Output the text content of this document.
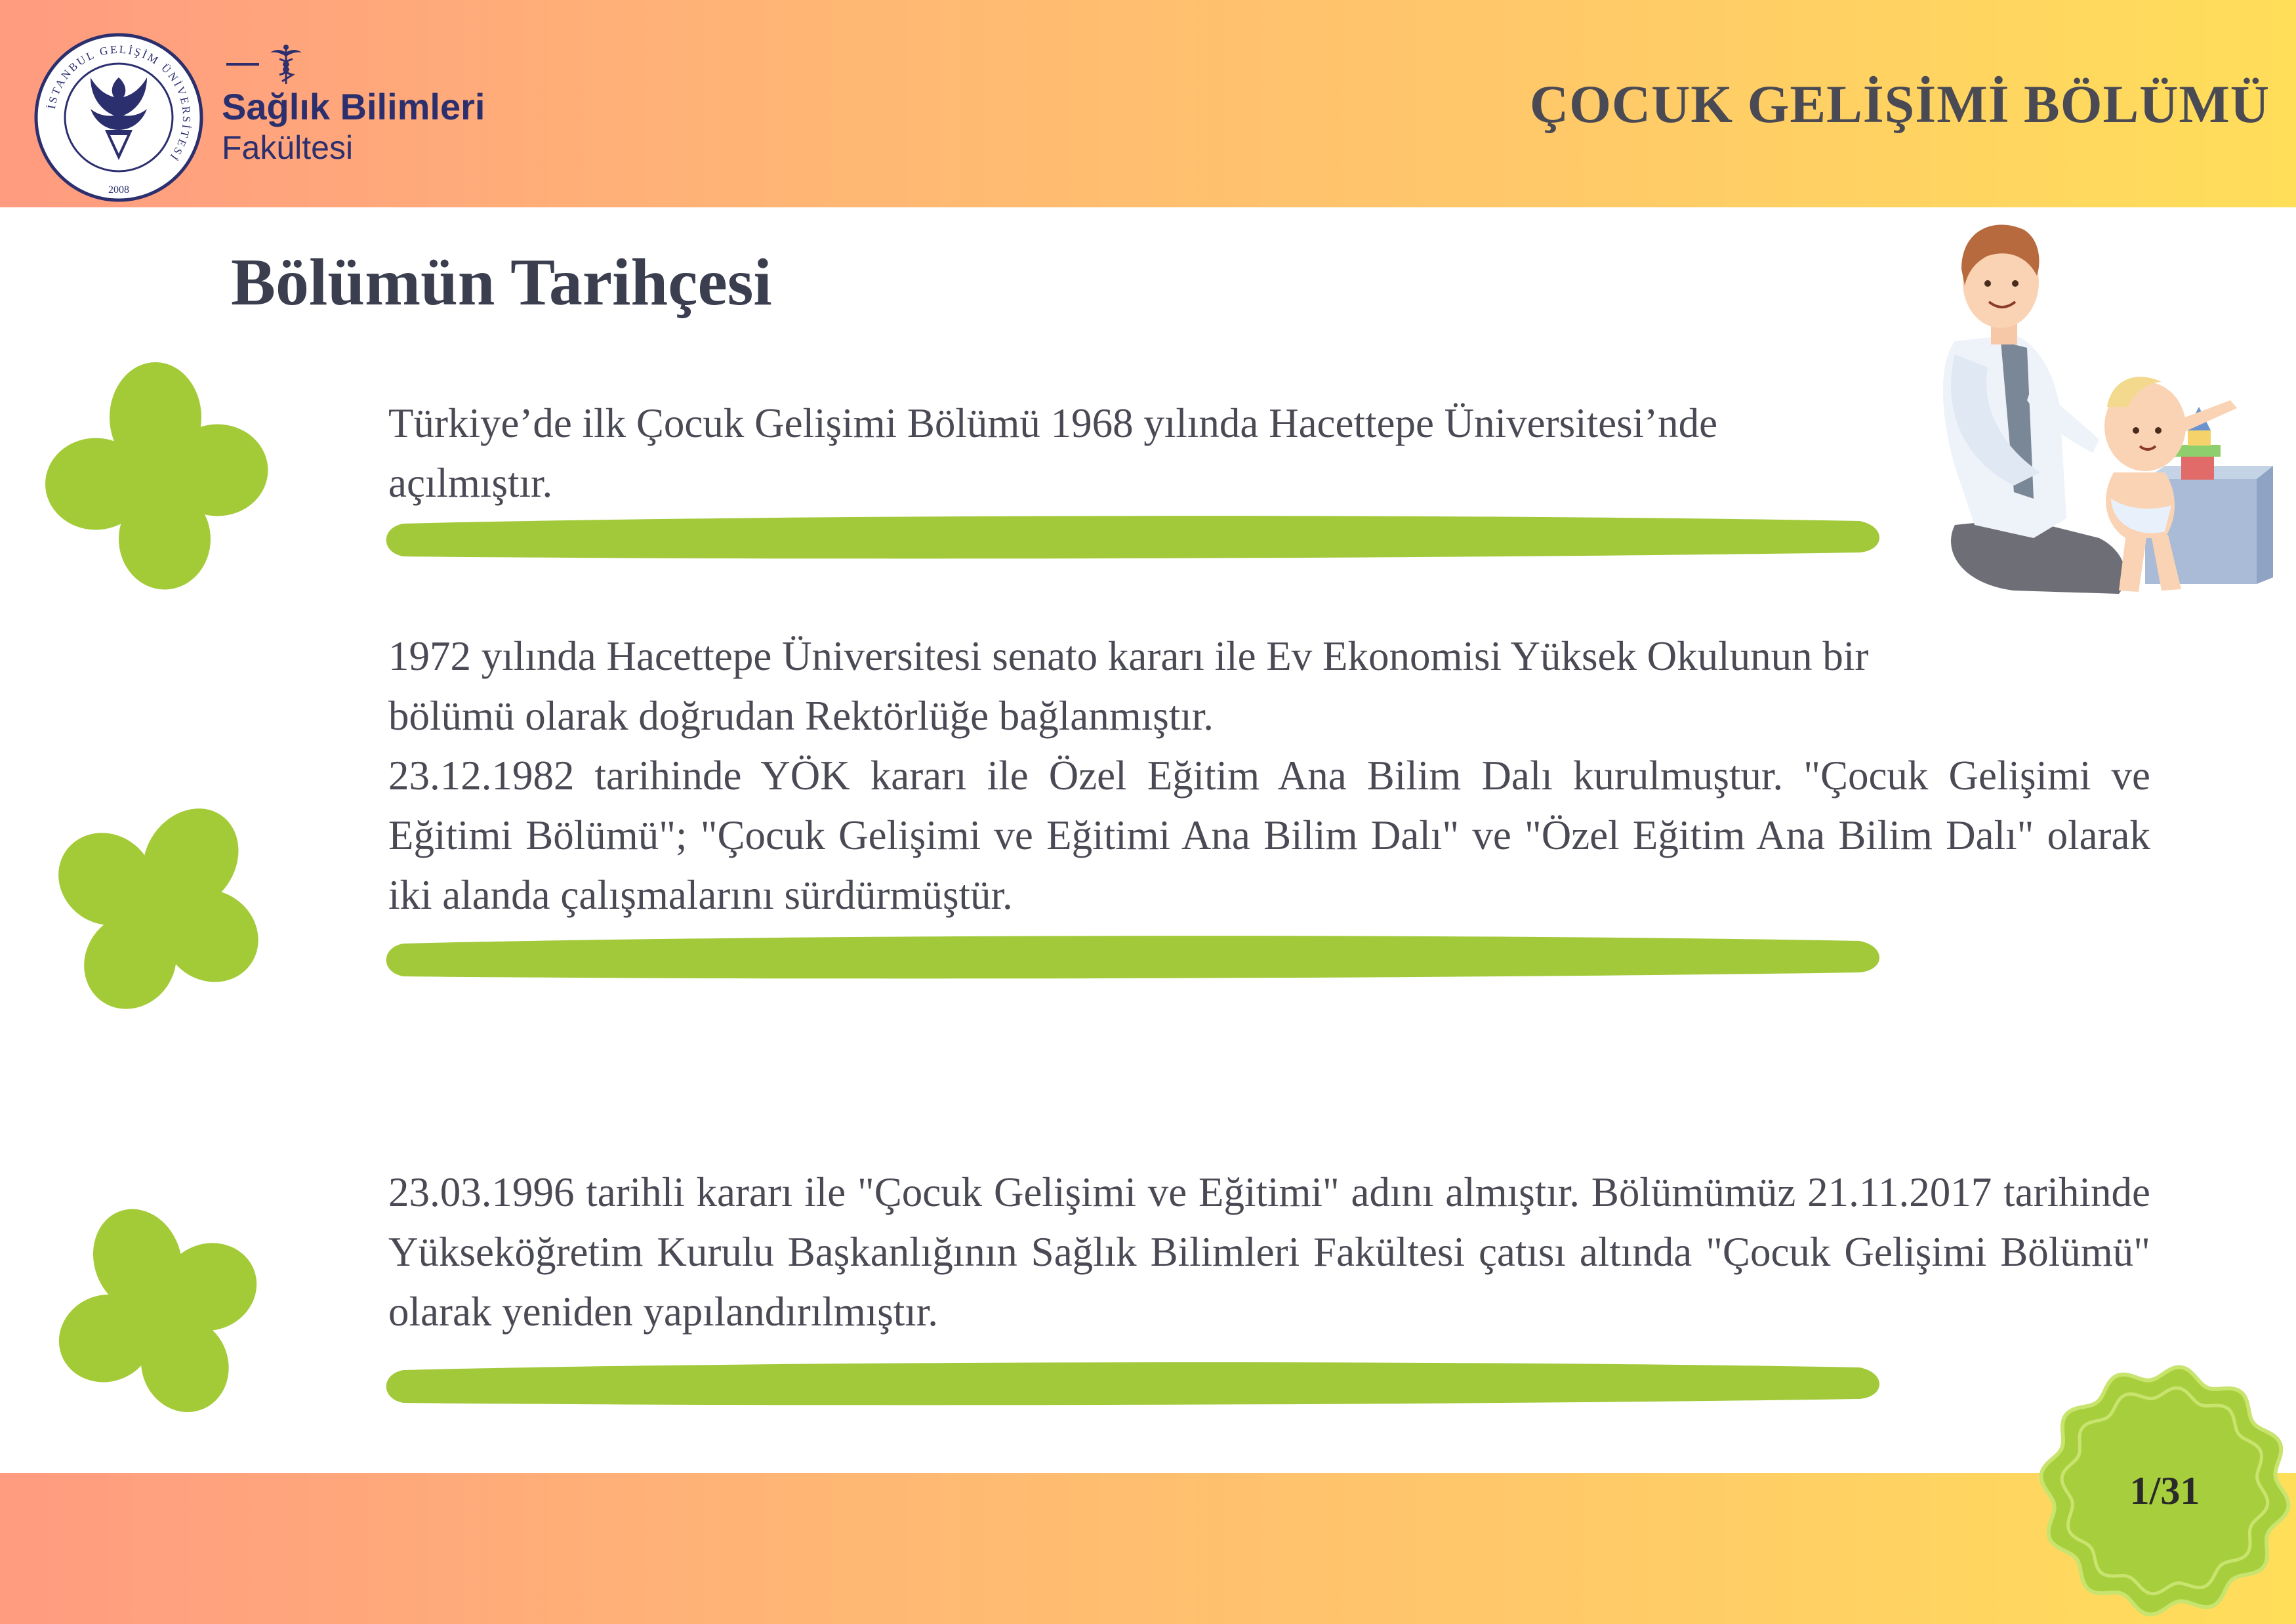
İSTANBUL GELİŞİM ÜNİVERSİTESİ
2008
Sağlık Bilimleri
Fakültesi
ÇOCUK GELİŞİMİ BÖLÜMÜ
Bölümün Tarihçesi

Türkiye’de ilk Çocuk Gelişimi Bölümü 1968 yılında Hacettepe Üniversitesi’nde
açılmıştır.

1972 yılında Hacettepe Üniversitesi senato kararı ile Ev Ekonomisi Yüksek Okulunun bir
bölümü olarak doğrudan Rektörlüğe bağlanmıştır.

23.12.1982 tarihinde YÖK kararı ile Özel Eğitim Ana Bilim Dalı kurulmuştur. "Çocuk Gelişimi ve Eğitimi Bölümü"; "Çocuk Gelişimi ve Eğitimi Ana Bilim Dalı" ve "Özel Eğitim Ana Bilim Dalı" olarak iki alanda çalışmalarını sürdürmüştür.

23.03.1996 tarihli kararı ile "Çocuk Gelişimi ve Eğitimi" adını almıştır. Bölümümüz 21.11.2017 tarihinde Yükseköğretim Kurulu Başkanlığının Sağlık Bilimleri Fakültesi çatısı altında "Çocuk Gelişimi Bölümü" olarak yeniden yapılandırılmıştır.

1/31
